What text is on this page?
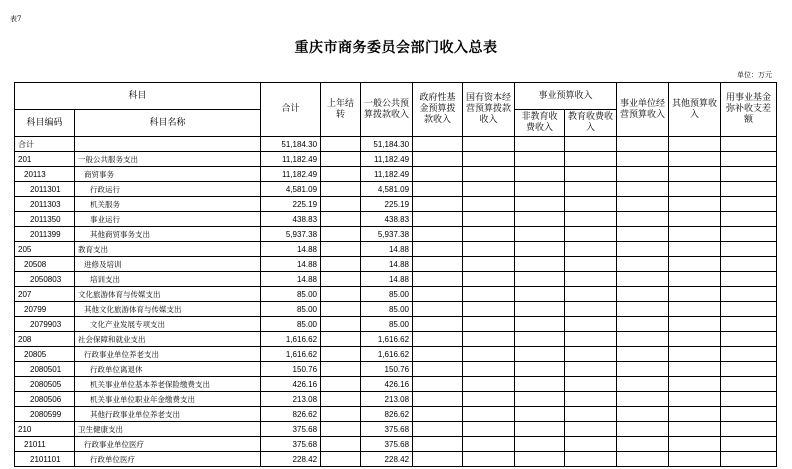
表7
重庆市商务委员会部门收入总表
单位：万元
科目		合计	上年结转	一般公共预算拨款收入	政府性基金预算拨款收入	国有资本经营预算拨款收入	事业预算收入		事业单位经营预算收入	其他预算收入	用事业基金弥补收支差额
科目编码	科目名称						非教育收费收入	教育收费收入			
合计		51,184.30		51,184.30							
201	一般公共服务支出	11,182.49		11,182.49							
20113	商贸事务	11,182.49		11,182.49							
2011301	行政运行	4,581.09		4,581.09							
2011303	机关服务	225.19		225.19							
2011350	事业运行	438.83		438.83							
2011399	其他商贸事务支出	5,937.38		5,937.38							
205	教育支出	14.88		14.88							
20508	进修及培训	14.88		14.88							
2050803	培训支出	14.88		14.88							
207	文化旅游体育与传媒支出	85.00		85.00							
20799	其他文化旅游体育与传媒支出	85.00		85.00							
2079903	文化产业发展专项支出	85.00		85.00							
208	社会保障和就业支出	1,616.62		1,616.62							
20805	行政事业单位养老支出	1,616.62		1,616.62							
2080501	行政单位离退休	150.76		150.76							
2080505	机关事业单位基本养老保险缴费支出	426.16		426.16							
2080506	机关事业单位职业年金缴费支出	213.08		213.08							
2080599	其他行政事业单位养老支出	826.62		826.62							
210	卫生健康支出	375.68		375.68							
21011	行政事业单位医疗	375.68		375.68							
2101101	行政单位医疗	228.42		228.42							
